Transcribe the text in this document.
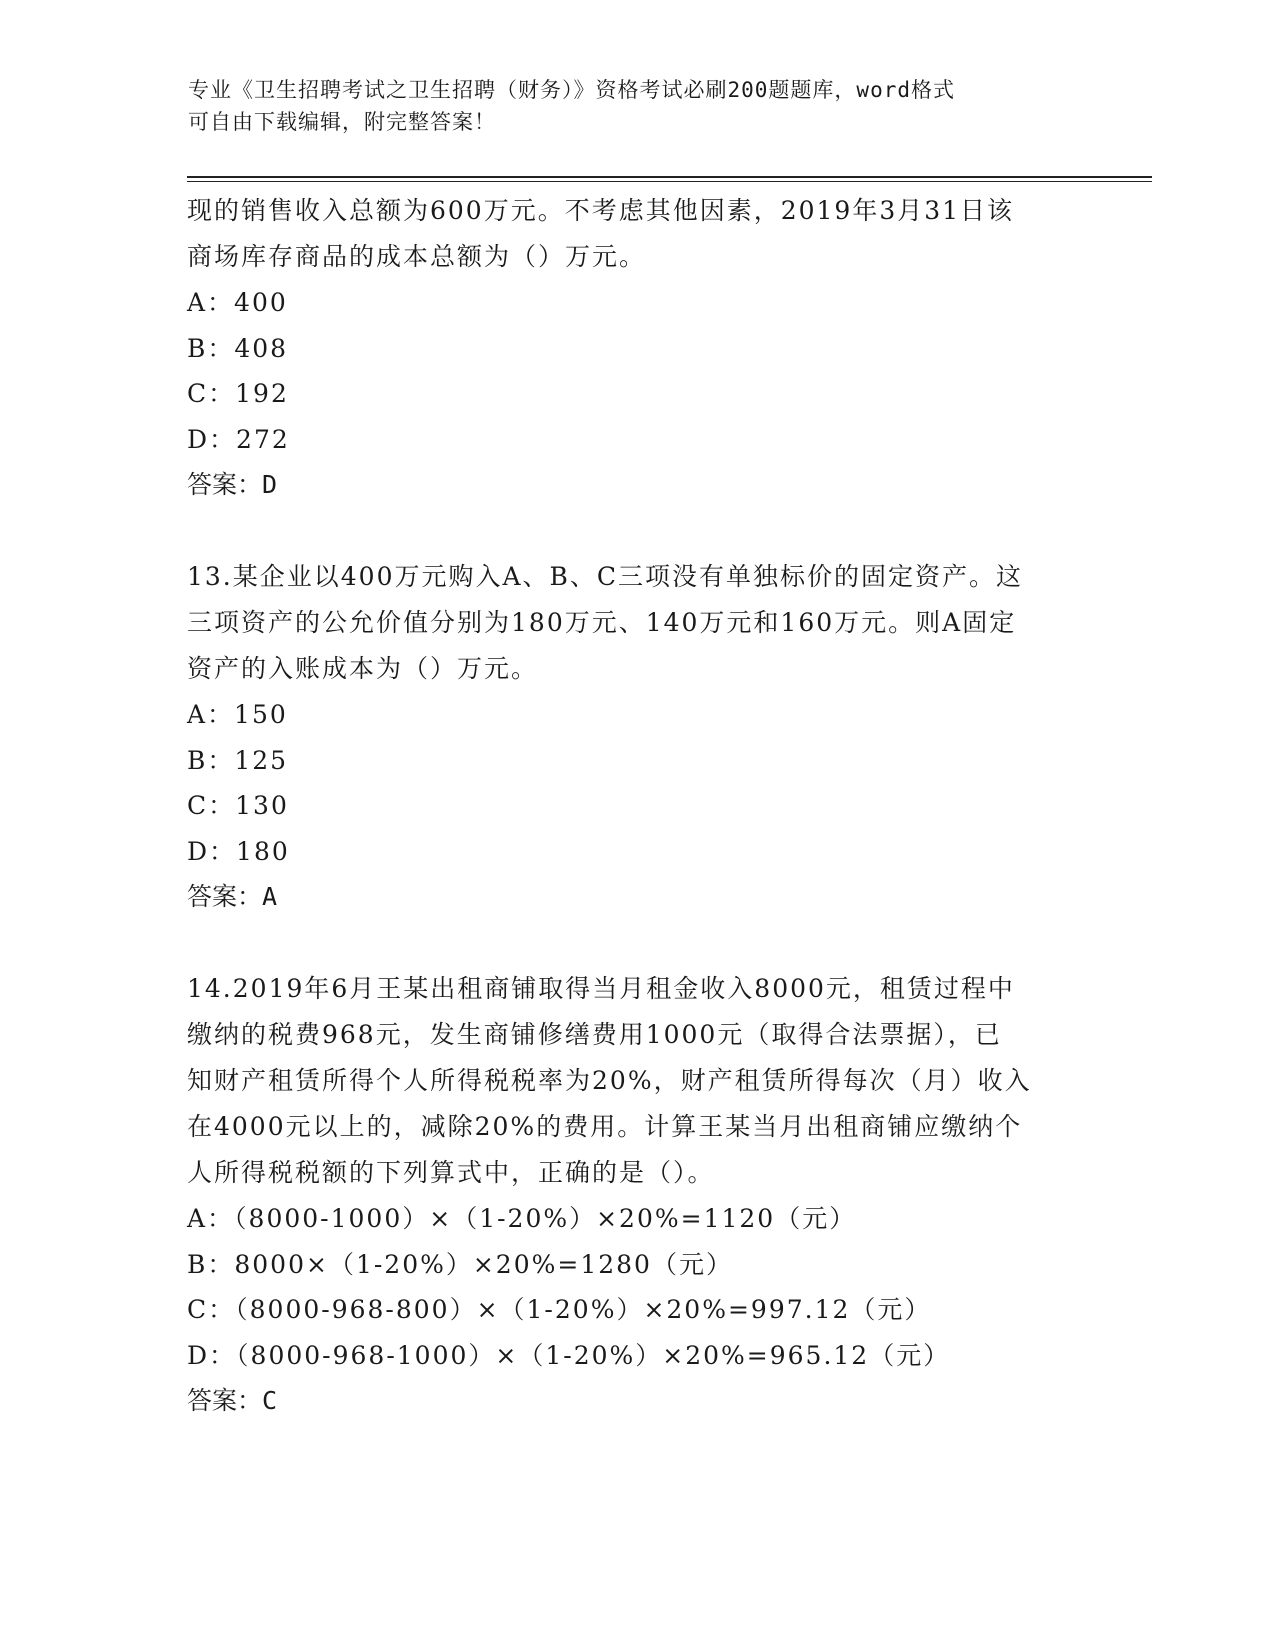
专业《卫生招聘考试之卫生招聘（财务）》资格考试必刷200题题库，word格式
可自由下载编辑，附完整答案！

现的销售收入总额为600万元。不考虑其他因素，2019年3月31日该

商场库存商品的成本总额为（）万元。

A：400

B：408

C：192

D：272

答案：D

13.某企业以400万元购入A、B、C三项没有单独标价的固定资产。这

三项资产的公允价值分别为180万元、140万元和160万元。则A固定

资产的入账成本为（）万元。

A：150

B：125

C：130

D：180

答案：A

14.2019年6月王某出租商铺取得当月租金收入8000元，租赁过程中

缴纳的税费968元，发生商铺修缮费用1000元（取得合法票据），已

知财产租赁所得个人所得税税率为20%，财产租赁所得每次（月）收入

在4000元以上的，减除20%的费用。计算王某当月出租商铺应缴纳个

人所得税税额的下列算式中，正确的是（）。

A：（8000-1000）×（1-20%）×20%=1120（元）

B：8000×（1-20%）×20%=1280（元）

C：（8000-968-800）×（1-20%）×20%=997.12（元）

D：（8000-968-1000）×（1-20%）×20%=965.12（元）

答案：C
